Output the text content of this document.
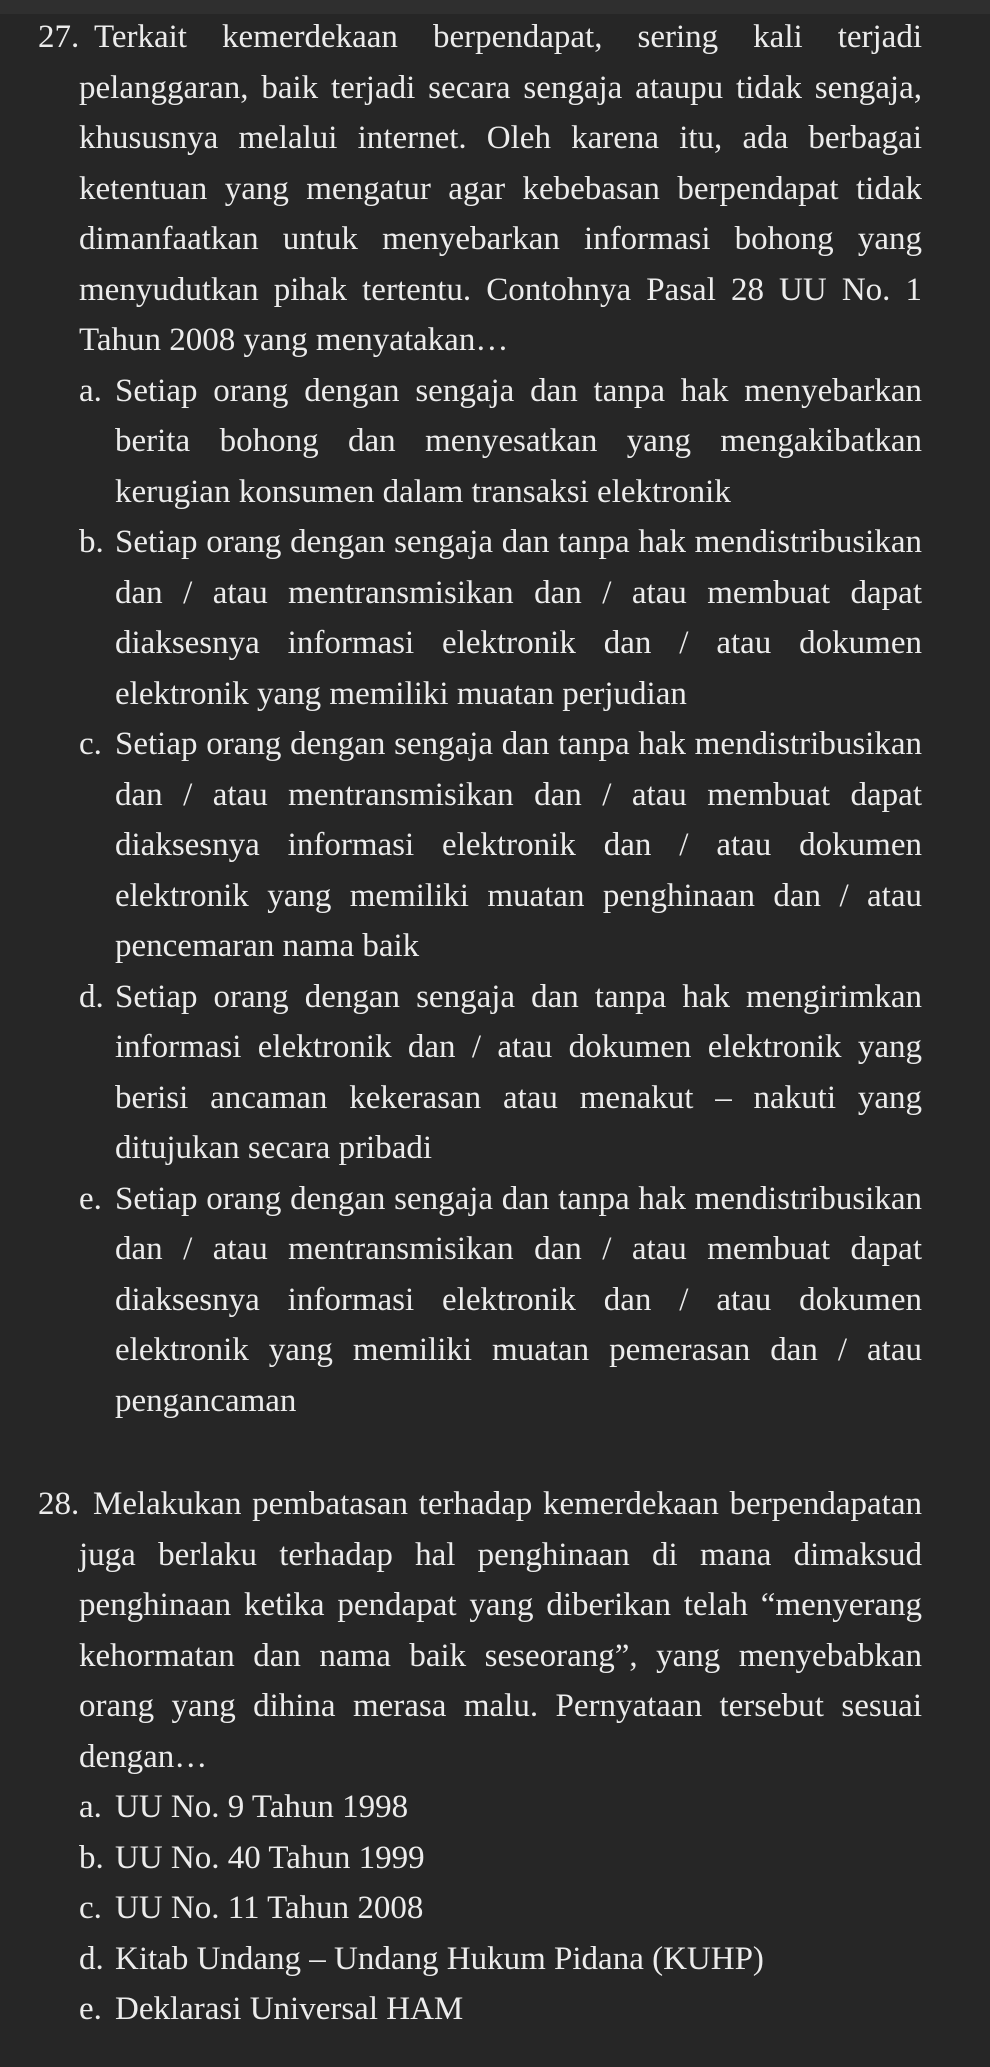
27. Terkait kemerdekaan berpendapat, sering kali terjadi pelanggaran, baik terjadi secara sengaja ataupu tidak sengaja, khususnya melalui internet. Oleh karena itu, ada berbagai ketentuan yang mengatur agar kebebasan berpendapat tidak dimanfaatkan untuk menyebarkan informasi bohong yang menyudutkan pihak tertentu. Contohnya Pasal 28 UU No. 1 Tahun 2008 yang menyatakan…

a. Setiap orang dengan sengaja dan tanpa hak menyebarkan berita bohong dan menyesatkan yang mengakibatkan kerugian konsumen dalam transaksi elektronik
b. Setiap orang dengan sengaja dan tanpa hak mendistribusikan dan / atau mentransmisikan dan / atau membuat dapat diaksesnya informasi elektronik dan / atau dokumen elektronik yang memiliki muatan perjudian
c. Setiap orang dengan sengaja dan tanpa hak mendistribusikan dan / atau mentransmisikan dan / atau membuat dapat diaksesnya informasi elektronik dan / atau dokumen elektronik yang memiliki muatan penghinaan dan / atau pencemaran nama baik
d. Setiap orang dengan sengaja dan tanpa hak mengirimkan informasi elektronik dan / atau dokumen elektronik yang berisi ancaman kekerasan atau menakut – nakuti yang ditujukan secara pribadi
e. Setiap orang dengan sengaja dan tanpa hak mendistribusikan dan / atau mentransmisikan dan / atau membuat dapat diaksesnya informasi elektronik dan / atau dokumen elektronik yang memiliki muatan pemerasan dan / atau pengancaman
28. Melakukan pembatasan terhadap kemerdekaan berpendapatan juga berlaku terhadap hal penghinaan di mana dimaksud penghinaan ketika pendapat yang diberikan telah “menyerang kehormatan dan nama baik seseorang”, yang menyebabkan orang yang dihina merasa malu. Pernyataan tersebut sesuai dengan…

a. UU No. 9 Tahun 1998
b. UU No. 40 Tahun 1999
c. UU No. 11 Tahun 2008
d. Kitab Undang – Undang Hukum Pidana (KUHP)
e. Deklarasi Universal HAM
